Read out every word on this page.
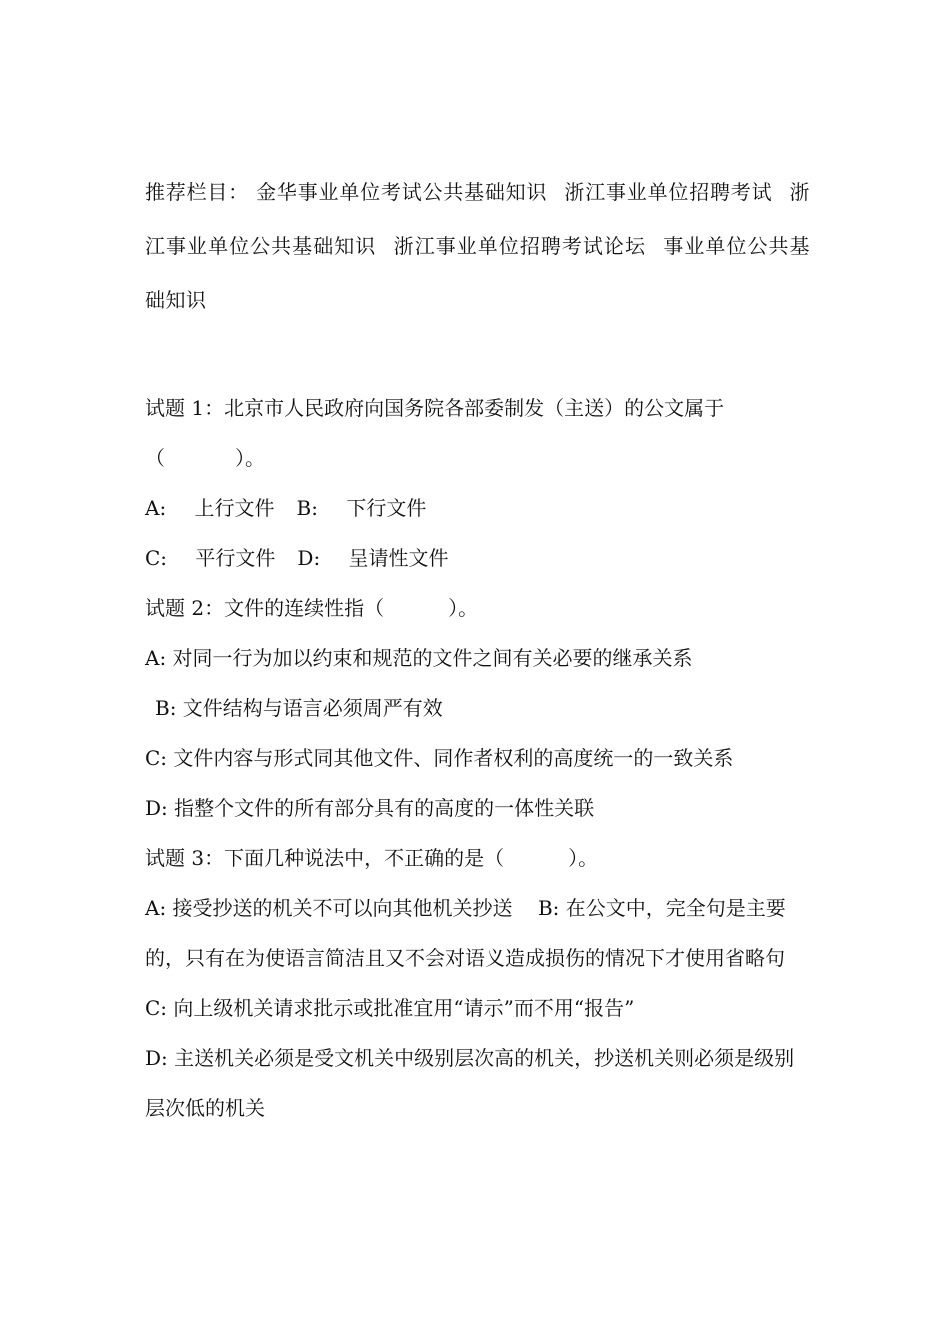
推荐栏目： 金华事业单位考试公共基础知识 浙江事业单位招聘考试 浙江事业单位公共基础知识 浙江事业单位招聘考试论坛 事业单位公共基础知识

试题 1：北京市人民政府向国务院各部委制发（主送）的公文属于

（	）。

A: 上行文件 B: 下行文件

C: 平行文件 D: 呈请性文件

试题 2：文件的连续性指（	）。

A: 对同一行为加以约束和规范的文件之间有关必要的继承关系

B: 文件结构与语言必须周严有效

C: 文件内容与形式同其他文件、同作者权利的高度统一的一致关系

D: 指整个文件的所有部分具有的高度的一体性关联

试题 3：下面几种说法中，不正确的是（	）。

A: 接受抄送的机关不可以向其他机关抄送 B: 在公文中，完全句是主要的，只有在为使语言简洁且又不会对语义造成损伤的情况下才使用省略句

C: 向上级机关请求批示或批准宜用“请示”而不用“报告”

D: 主送机关必须是受文机关中级别层次高的机关，抄送机关则必须是级别层次低的机关
